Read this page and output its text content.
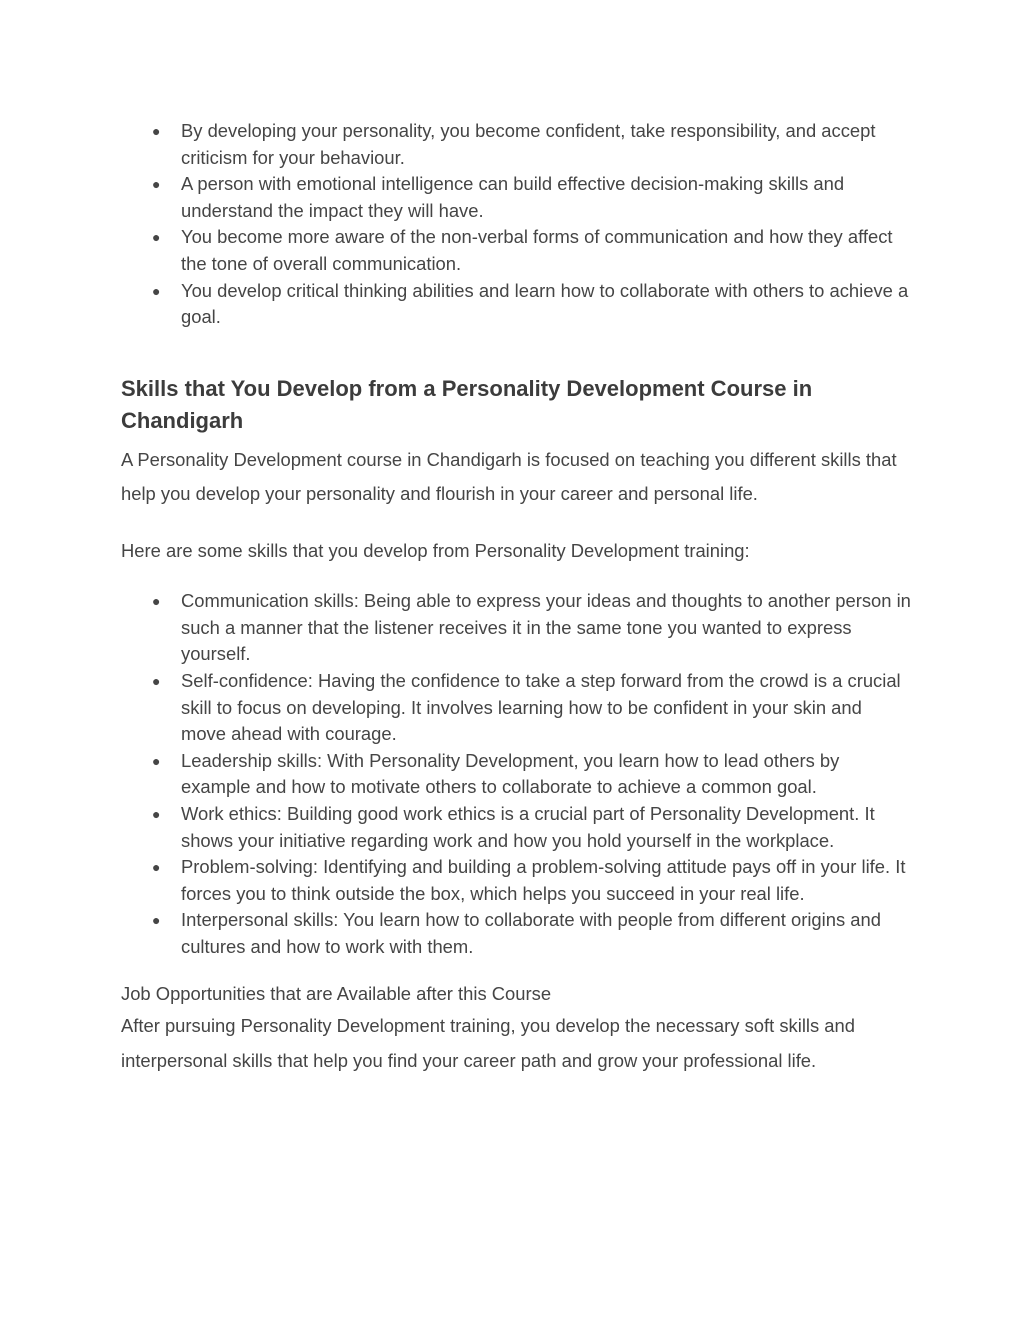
● By developing your personality, you become confident, take responsibility, and accept criticism for your behaviour.
● A person with emotional intelligence can build effective decision-making skills and understand the impact they will have.
● You become more aware of the non-verbal forms of communication and how they affect the tone of overall communication.
● You develop critical thinking abilities and learn how to collaborate with others to achieve a goal.
Skills that You Develop from a Personality Development Course in Chandigarh

A Personality Development course in Chandigarh is focused on teaching you different skills that help you develop your personality and flourish in your career and personal life.

Here are some skills that you develop from Personality Development training:

● Communication skills: Being able to express your ideas and thoughts to another person in such a manner that the listener receives it in the same tone you wanted to express yourself.
● Self-confidence: Having the confidence to take a step forward from the crowd is a crucial skill to focus on developing. It involves learning how to be confident in your skin and move ahead with courage.
● Leadership skills: With Personality Development, you learn how to lead others by example and how to motivate others to collaborate to achieve a common goal.
● Work ethics: Building good work ethics is a crucial part of Personality Development. It shows your initiative regarding work and how you hold yourself in the workplace.
● Problem-solving: Identifying and building a problem-solving attitude pays off in your life. It forces you to think outside the box, which helps you succeed in your real life.
● Interpersonal skills: You learn how to collaborate with people from different origins and cultures and how to work with them.

Job Opportunities that are Available after this Course

After pursuing Personality Development training, you develop the necessary soft skills and interpersonal skills that help you find your career path and grow your professional life.
